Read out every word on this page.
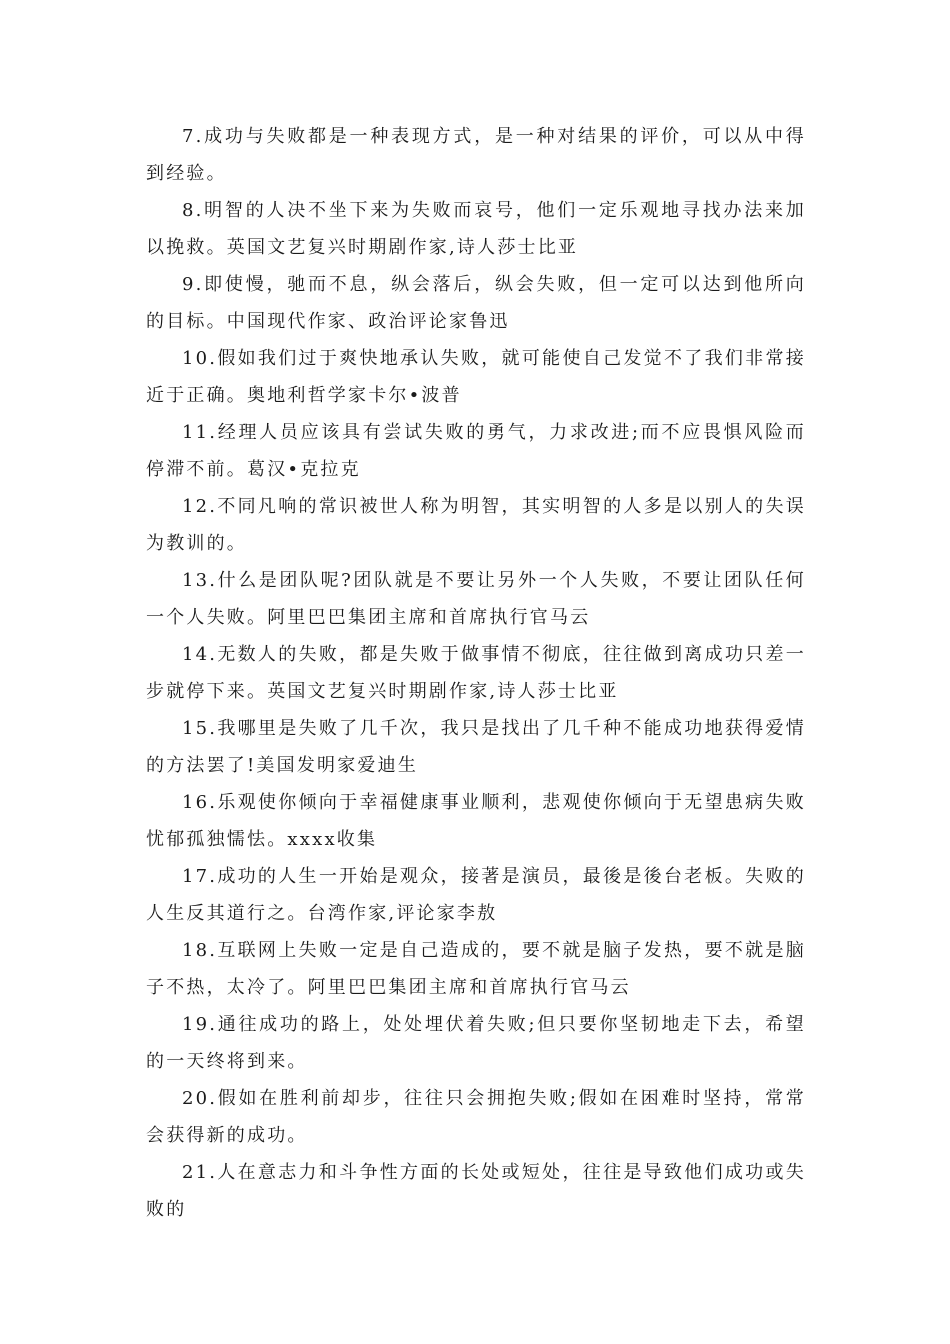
7.成功与失败都是一种表现方式，是一种对结果的评价，可以从中得到经验。

8.明智的人决不坐下来为失败而哀号，他们一定乐观地寻找办法来加以挽救。英国文艺复兴时期剧作家,诗人莎士比亚

9.即使慢，驰而不息，纵会落后，纵会失败，但一定可以达到他所向的目标。中国现代作家、政治评论家鲁迅

10.假如我们过于爽快地承认失败，就可能使自己发觉不了我们非常接近于正确。奥地利哲学家卡尔•波普

11.经理人员应该具有尝试失败的勇气，力求改进;而不应畏惧风险而停滞不前。葛汉•克拉克

12.不同凡响的常识被世人称为明智，其实明智的人多是以别人的失误为教训的。

13.什么是团队呢?团队就是不要让另外一个人失败，不要让团队任何一个人失败。阿里巴巴集团主席和首席执行官马云

14.无数人的失败，都是失败于做事情不彻底，往往做到离成功只差一步就停下来。英国文艺复兴时期剧作家,诗人莎士比亚

15.我哪里是失败了几千次，我只是找出了几千种不能成功地获得爱情的方法罢了!美国发明家爱迪生

16.乐观使你倾向于幸福健康事业顺利，悲观使你倾向于无望患病失败忧郁孤独懦怯。xxxx收集

17.成功的人生一开始是观众，接著是演员，最後是後台老板。失败的人生反其道行之。台湾作家,评论家李敖

18.互联网上失败一定是自己造成的，要不就是脑子发热，要不就是脑子不热，太冷了。阿里巴巴集团主席和首席执行官马云

19.通往成功的路上，处处埋伏着失败;但只要你坚韧地走下去，希望的一天终将到来。

20.假如在胜利前却步，往往只会拥抱失败;假如在困难时坚持，常常会获得新的成功。

21.人在意志力和斗争性方面的长处或短处，往往是导致他们成功或失败的
